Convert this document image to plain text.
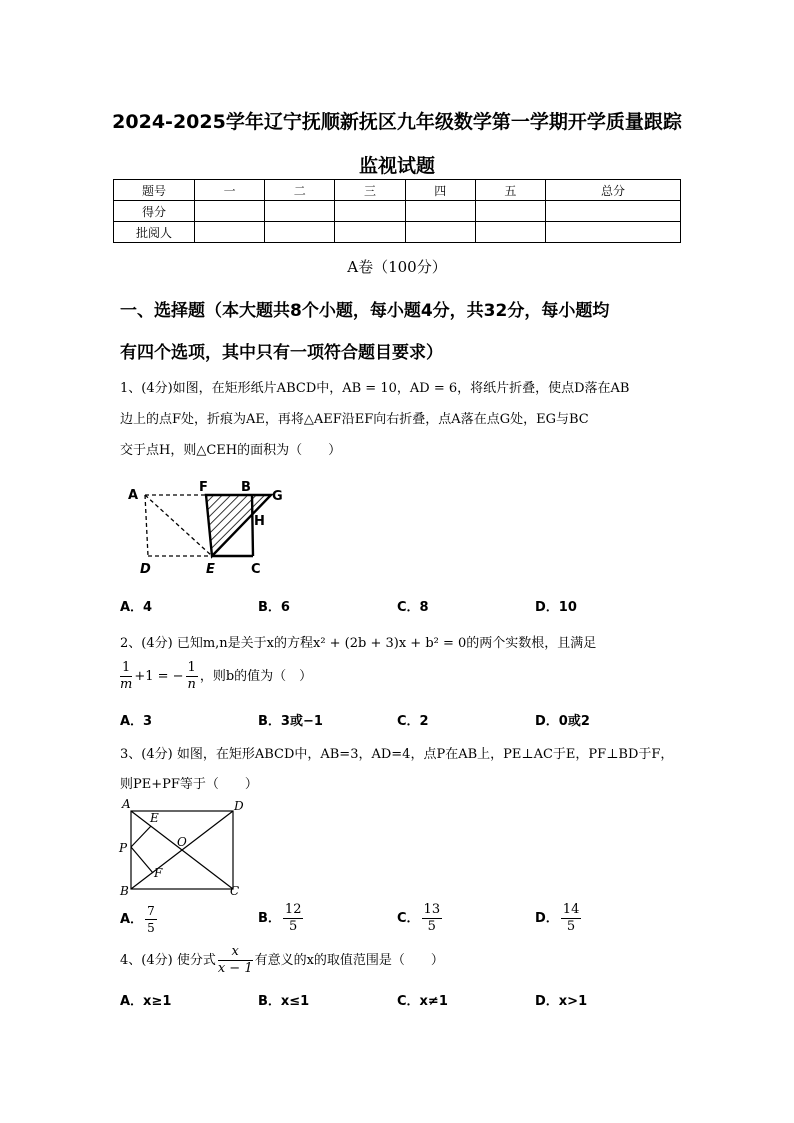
2024-2025学年辽宁抚顺新抚区九年级数学第一学期开学质量跟踪
监视试题
题号	一	二	三	四	五	总分
得分						
批阅人						
A卷（100分）
一、选择题（本大题共8个小题，每小题4分，共32分，每小题均
有四个选项，其中只有一项符合题目要求）
1、(4分)如图，在矩形纸片ABCD中，AB = 10，AD = 6，将纸片折叠，使点D落在AB
边上的点F处，折痕为AE，再将△AEF沿EF向右折叠，点A落在点G处，EG与BC
交于点H，则△CEH的面积为（　　）
A
F	B
G
H
D	E	C
A．4	B．6	C．8	D．10
2、(4分) 已知m,n是关于x的方程x² + (2b + 3)x + b² = 0的两个实数根，且满足
$\frac{1}{m} +1$ = − $\frac{1}{n}$ ，则b的值为（　）
A．3	B．3或−1	C．2	D．0或2
3、(4分) 如图，在矩形ABCD中，AB=3，AD=4，点P在AB上，PE⊥AC于E，PF⊥BD于F，
则PE+PF等于（　　）
A	D
E
O
P
F
B	C
A． $\frac{7}{5}$	B． $\frac{12}{5}$	C． $\frac{13}{5}$	D． $\frac{14}{5}$
4、(4分) 使分式 $\frac{x}{x - 1}$ 有意义的x的取值范围是（　　）
A．x≥1	B．x≤1	C．x≠1	D．x>1
